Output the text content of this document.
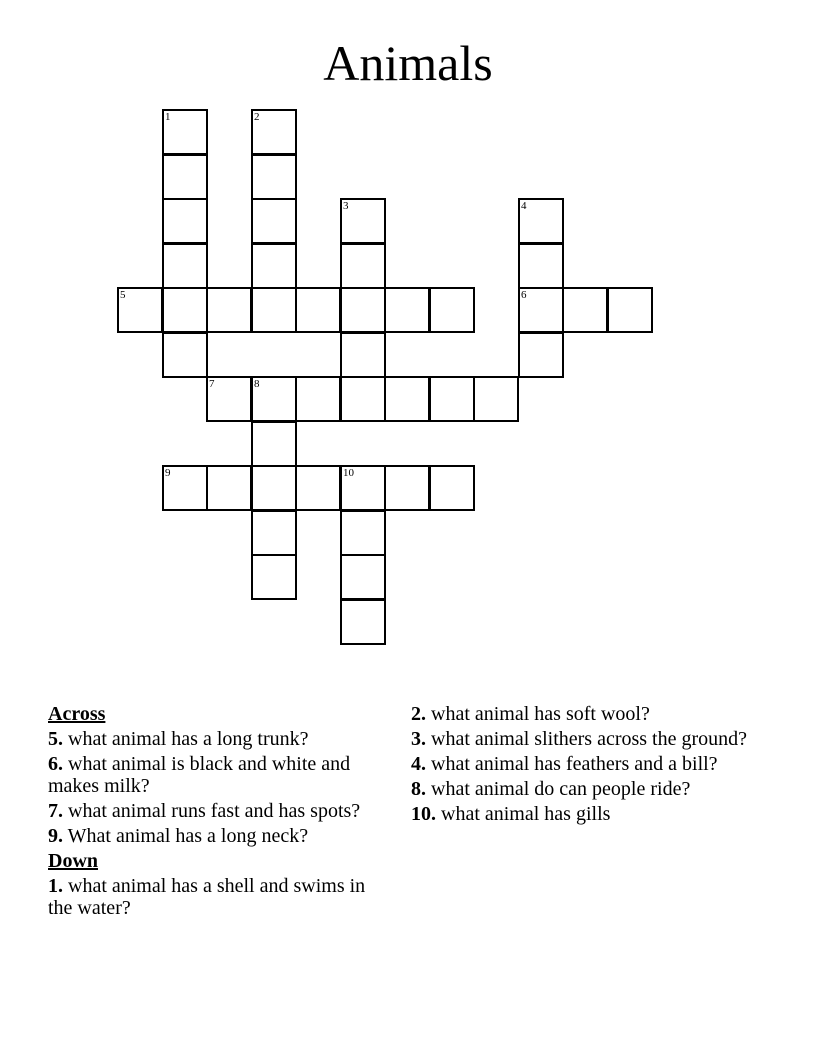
Animals
1	2
3	4
5	6
7	8
9	10
Across
5. what animal has a long trunk?
6. what animal is black and white and makes milk?
7. what animal runs fast and has spots?
9. What animal has a long neck?
Down
1. what animal has a shell and swims in the water?
2. what animal has soft wool?
3. what animal slithers across the ground?
4. what animal has feathers and a bill?
8. what animal do can people ride?
10. what animal has gills
